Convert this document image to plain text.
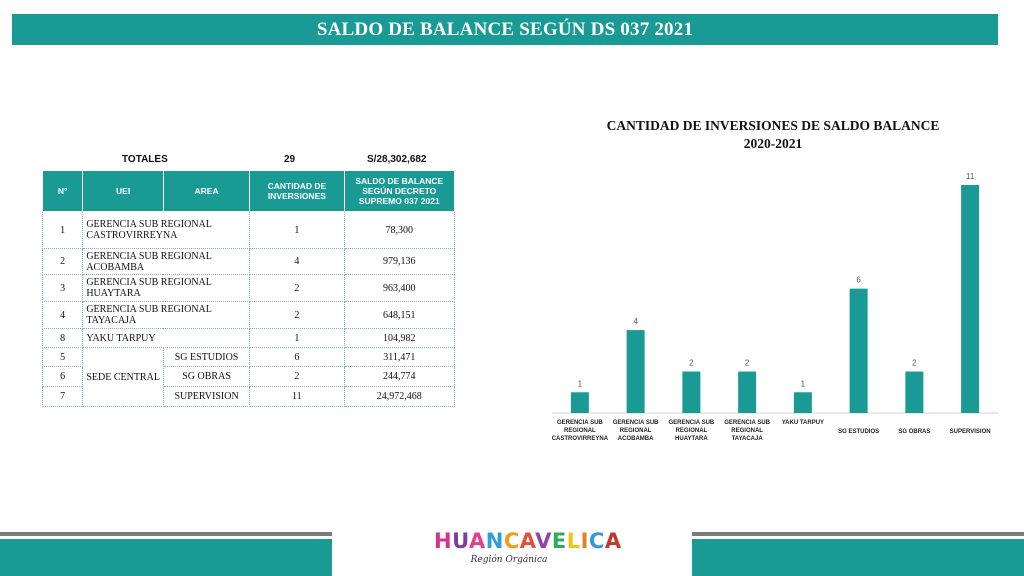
SALDO DE BALANCE SEGÚN DS 037 2021
TOTALES	29	S/28,302,682
N°	UEI	AREA	CANTIDAD DE INVERSIONES	SALDO DE BALANCE SEGÚN DECRETO SUPREMO 037 2021
1	GERENCIA SUB REGIONAL CASTROVIRREYNA		1	78,300
2	GERENCIA SUB REGIONAL ACOBAMBA		4	979,136
3	GERENCIA SUB REGIONAL HUAYTARA		2	963,400
4	GERENCIA SUB REGIONAL TAYACAJA		2	648,151
8	YAKU TARPUY		1	104,982
5	SEDE CENTRAL	SG ESTUDIOS	6	311,471
6		SG OBRAS	2	244,774
7		SUPERVISION	11	24,972,468
CANTIDAD DE INVERSIONES DE SALDO BALANCE
2020-2021
1
GERENCIA SUB REGIONAL CASTROVIRREYNA
4
GERENCIA SUB REGIONAL ACOBAMBA
2
GERENCIA SUB REGIONAL HUAYTARA
2
GERENCIA SUB REGIONAL TAYACAJA
1
YAKU TARPUY
6
SG ESTUDIOS
2
SG OBRAS
11
SUPERVISION
HUANCAVELICA
Región Orgánica
